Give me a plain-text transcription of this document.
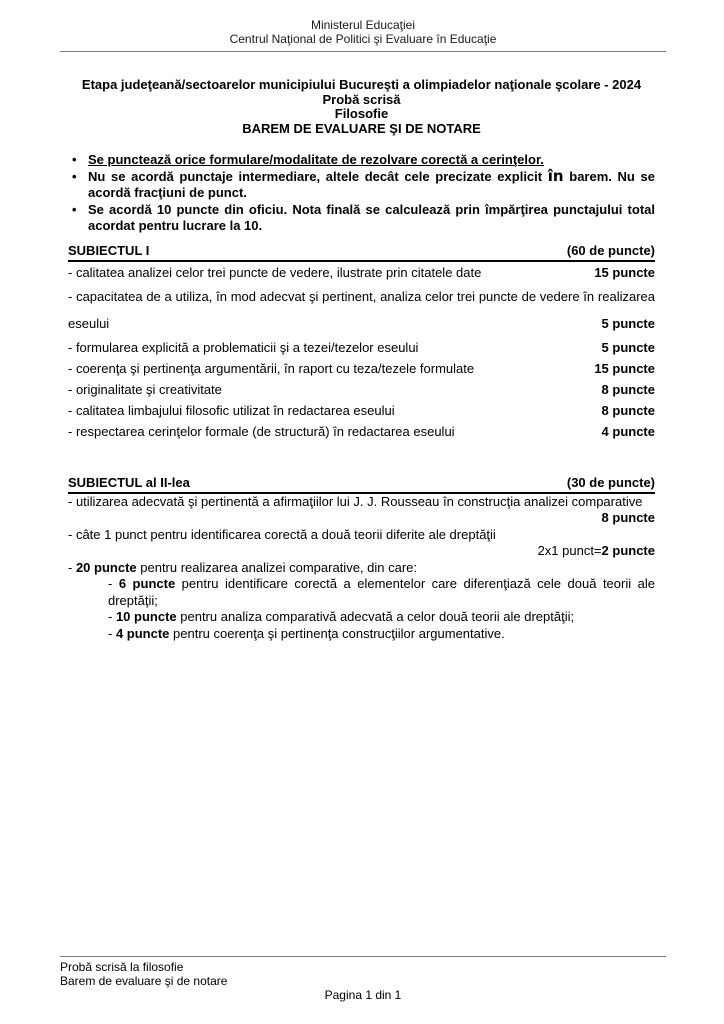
Ministerul Educaţiei
Centrul Naţional de Politici şi Evaluare în Educaţie
Etapa judeţeană/sectoarelor municipiului Bucureşti a olimpiadelor naţionale şcolare - 2024
Probă scrisă
Filosofie
BAREM DE EVALUARE ŞI DE NOTARE
• Se punctează orice formulare/modalitate de rezolvare corectă a cerinţelor.
• Nu se acordă punctaje intermediare, altele decât cele precizate explicit în barem. Nu se acordă fracţiuni de punct.
• Se acordă 10 puncte din oficiu. Nota finală se calculează prin împărţirea punctajului total acordat pentru lucrare la 10.
SUBIECTUL I	(60 de puncte)
- calitatea analizei celor trei puncte de vedere, ilustrate prin citatele date	15 puncte
- capacitatea de a utiliza, în mod adecvat şi pertinent, analiza celor trei puncte de vedere în realizarea eseului	5 puncte
- formularea explicită a problematicii şi a tezei/tezelor eseului	5 puncte
- coerenţa şi pertinenţa argumentării, în raport cu teza/tezele formulate	15 puncte
- originalitate şi creativitate	8 puncte
- calitatea limbajului filosofic utilizat în redactarea eseului	8 puncte
- respectarea cerinţelor formale (de structură) în redactarea eseului	4 puncte
SUBIECTUL al II-lea	(30 de puncte)
- utilizarea adecvată şi pertinentă a afirmaţiilor lui J. J. Rousseau în construcţia analizei comparative
8 puncte
- câte 1 punct pentru identificarea corectă a două teorii diferite ale dreptăţii
2x1 punct=2 puncte
- 20 puncte pentru realizarea analizei comparative, din care:
- 6 puncte pentru identificare corectă a elementelor care diferenţiază cele două teorii ale dreptăţii;
- 10 puncte pentru analiza comparativă adecvată a celor două teorii ale dreptăţii;
- 4 puncte pentru coerenţa şi pertinenţa construcţiilor argumentative.
Probă scrisă la filosofie
Barem de evaluare şi de notare
Pagina 1 din 1
